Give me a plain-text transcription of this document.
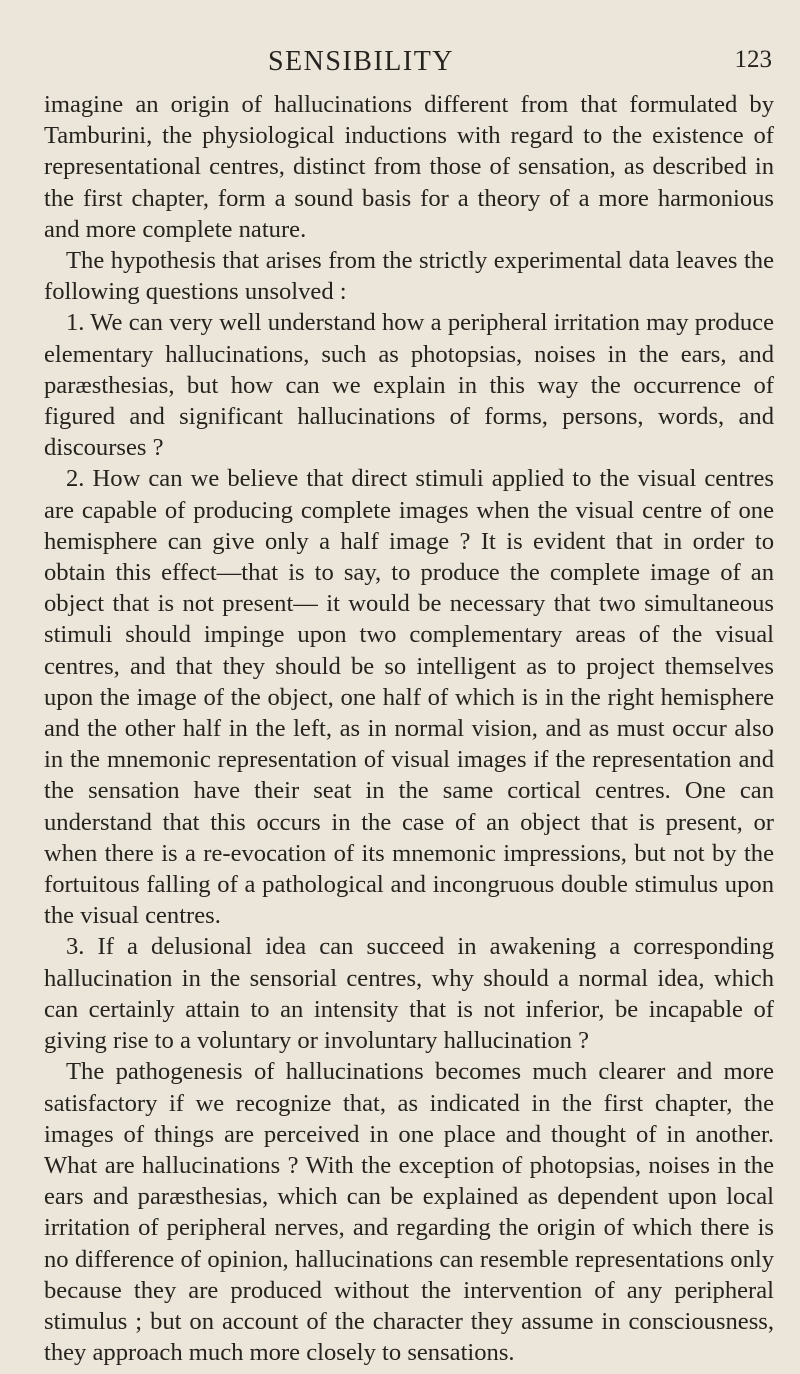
SENSIBILITY	123

imagine an origin of hallucinations different from that formulated by Tamburini, the physiological inductions with regard to the existence of representational centres, distinct from those of sensation, as described in the first chapter, form a sound basis for a theory of a more harmonious and more complete nature.

The hypothesis that arises from the strictly experimental data leaves the following questions unsolved :

1. We can very well understand how a peripheral irritation may produce elementary hallucinations, such as photopsias, noises in the ears, and paræsthesias, but how can we explain in this way the occurrence of figured and significant hallucinations of forms, persons, words, and discourses ?

2. How can we believe that direct stimuli applied to the visual centres are capable of producing complete images when the visual centre of one hemisphere can give only a half image ? It is evident that in order to obtain this effect—that is to say, to produce the complete image of an object that is not present— it would be necessary that two simultaneous stimuli should impinge upon two complementary areas of the visual centres, and that they should be so intelligent as to project themselves upon the image of the object, one half of which is in the right hemisphere and the other half in the left, as in normal vision, and as must occur also in the mnemonic representation of visual images if the representation and the sensation have their seat in the same cortical centres. One can understand that this occurs in the case of an object that is present, or when there is a re-evocation of its mnemonic impressions, but not by the fortuitous falling of a pathological and incongruous double stimulus upon the visual centres.

3. If a delusional idea can succeed in awakening a corresponding hallucination in the sensorial centres, why should a normal idea, which can certainly attain to an intensity that is not inferior, be incapable of giving rise to a voluntary or involuntary hallucination ?

The pathogenesis of hallucinations becomes much clearer and more satisfactory if we recognize that, as indicated in the first chapter, the images of things are perceived in one place and thought of in another. What are hallucinations ? With the exception of photopsias, noises in the ears and paræsthesias, which can be explained as dependent upon local irritation of peripheral nerves, and regarding the origin of which there is no difference of opinion, hallucinations can resemble representations only because they are produced without the intervention of any peripheral stimulus ; but on account of the character they assume in consciousness, they approach much more closely to sensations.
